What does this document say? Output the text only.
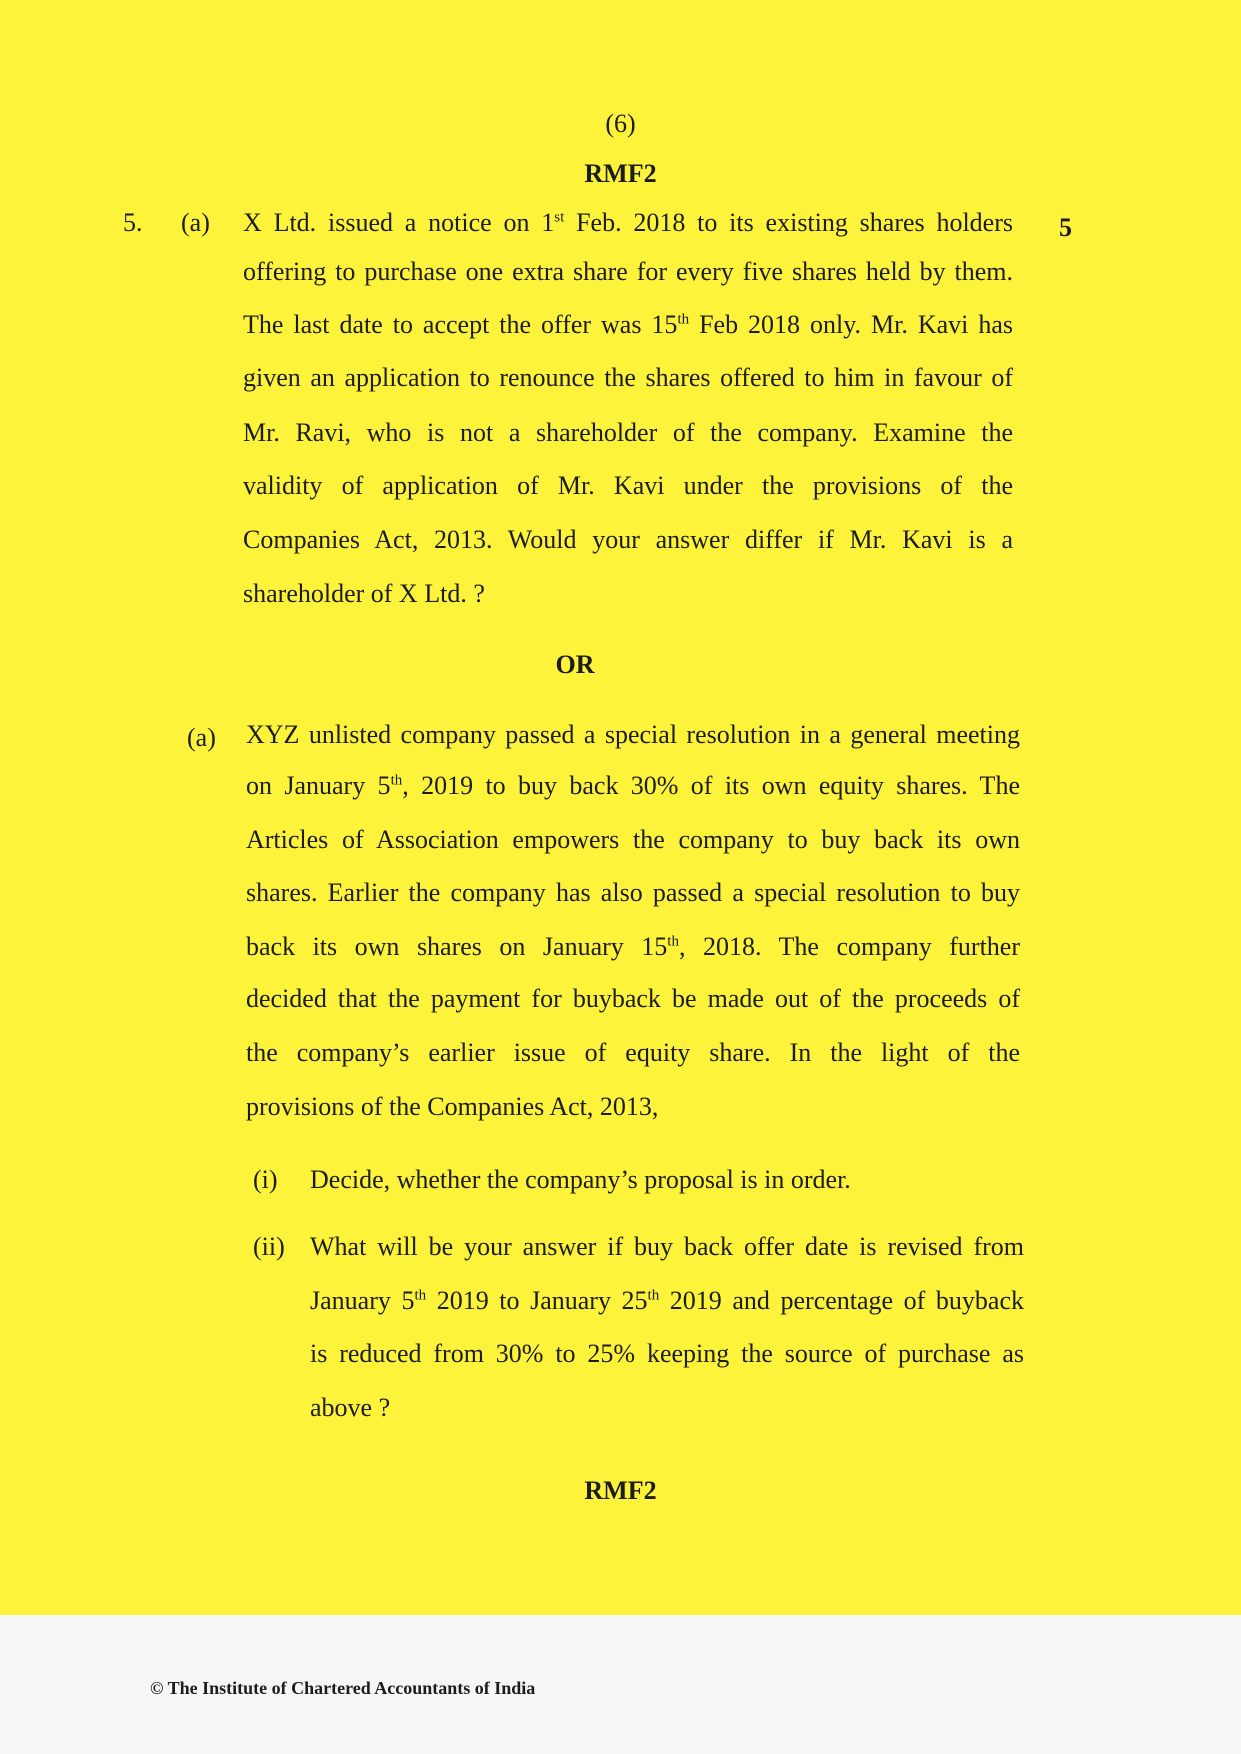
(6)
RMF2
5. (a)	5
X Ltd. issued a notice on 1st Feb. 2018 to its existing shares holders
offering to purchase one extra share for every five shares held by them.
The last date to accept the offer was 15th Feb 2018 only. Mr. Kavi has
given an application to renounce the shares offered to him in favour of
Mr. Ravi, who is not a shareholder of the company. Examine the
validity of application of Mr. Kavi under the provisions of the
Companies Act, 2013. Would your answer differ if Mr. Kavi is a
shareholder of X Ltd. ?
OR
(a) XYZ unlisted company passed a special resolution in a general meeting
on January 5th, 2019 to buy back 30% of its own equity shares. The
Articles of Association empowers the company to buy back its own
shares. Earlier the company has also passed a special resolution to buy
back its own shares on January 15th, 2018. The company further
decided that the payment for buyback be made out of the proceeds of
the company’s earlier issue of equity share. In the light of the
provisions of the Companies Act, 2013,
(i) Decide, whether the company’s proposal is in order.
(ii) What will be your answer if buy back offer date is revised from
January 5th 2019 to January 25th 2019 and percentage of buyback
is reduced from 30% to 25% keeping the source of purchase as
above ?
RMF2
© The Institute of Chartered Accountants of India
